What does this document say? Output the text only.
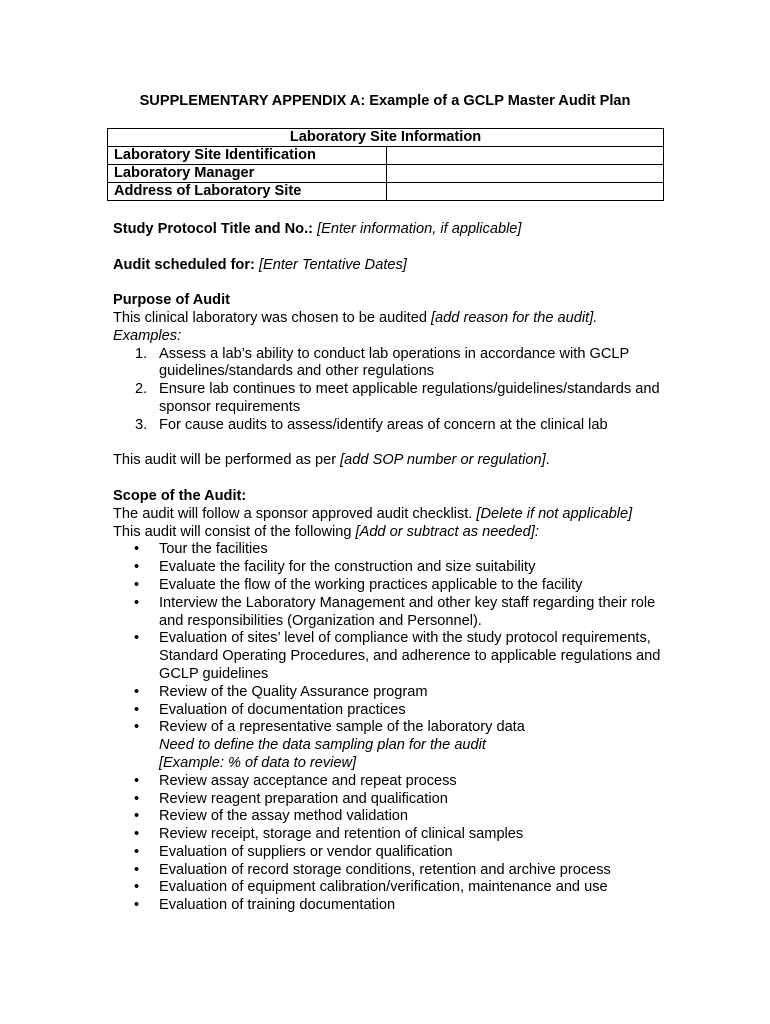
SUPPLEMENTARY APPENDIX A: Example of a GCLP Master Audit Plan
Laboratory Site Information	
Laboratory Site Identification	
Laboratory Manager	
Address of Laboratory Site	

Study Protocol Title and No.: [Enter information, if applicable]

Audit scheduled for: [Enter Tentative Dates]

Purpose of Audit

This clinical laboratory was chosen to be audited [add reason for the audit].

Examples:

1. Assess a lab’s ability to conduct lab operations in accordance with GCLP guidelines/standards and other regulations
2. Ensure lab continues to meet applicable regulations/guidelines/standards and sponsor requirements
3. For cause audits to assess/identify areas of concern at the clinical lab

This audit will be performed as per [add SOP number or regulation].

Scope of the Audit:

The audit will follow a sponsor approved audit checklist. [Delete if not applicable]

This audit will consist of the following [Add or subtract as needed]:

• Tour the facilities
• Evaluate the facility for the construction and size suitability
• Evaluate the flow of the working practices applicable to the facility
• Interview the Laboratory Management and other key staff regarding their role and responsibilities (Organization and Personnel).
• Evaluation of sites’ level of compliance with the study protocol requirements, Standard Operating Procedures, and adherence to applicable regulations and GCLP guidelines
• Review of the Quality Assurance program
• Evaluation of documentation practices
• Review of a representative sample of the laboratory data
Need to define the data sampling plan for the audit
[Example: % of data to review]
• Review assay acceptance and repeat process
• Review reagent preparation and qualification
• Review of the assay method validation
• Review receipt, storage and retention of clinical samples
• Evaluation of suppliers or vendor qualification
• Evaluation of record storage conditions, retention and archive process
• Evaluation of equipment calibration/verification, maintenance and use
• Evaluation of training documentation
